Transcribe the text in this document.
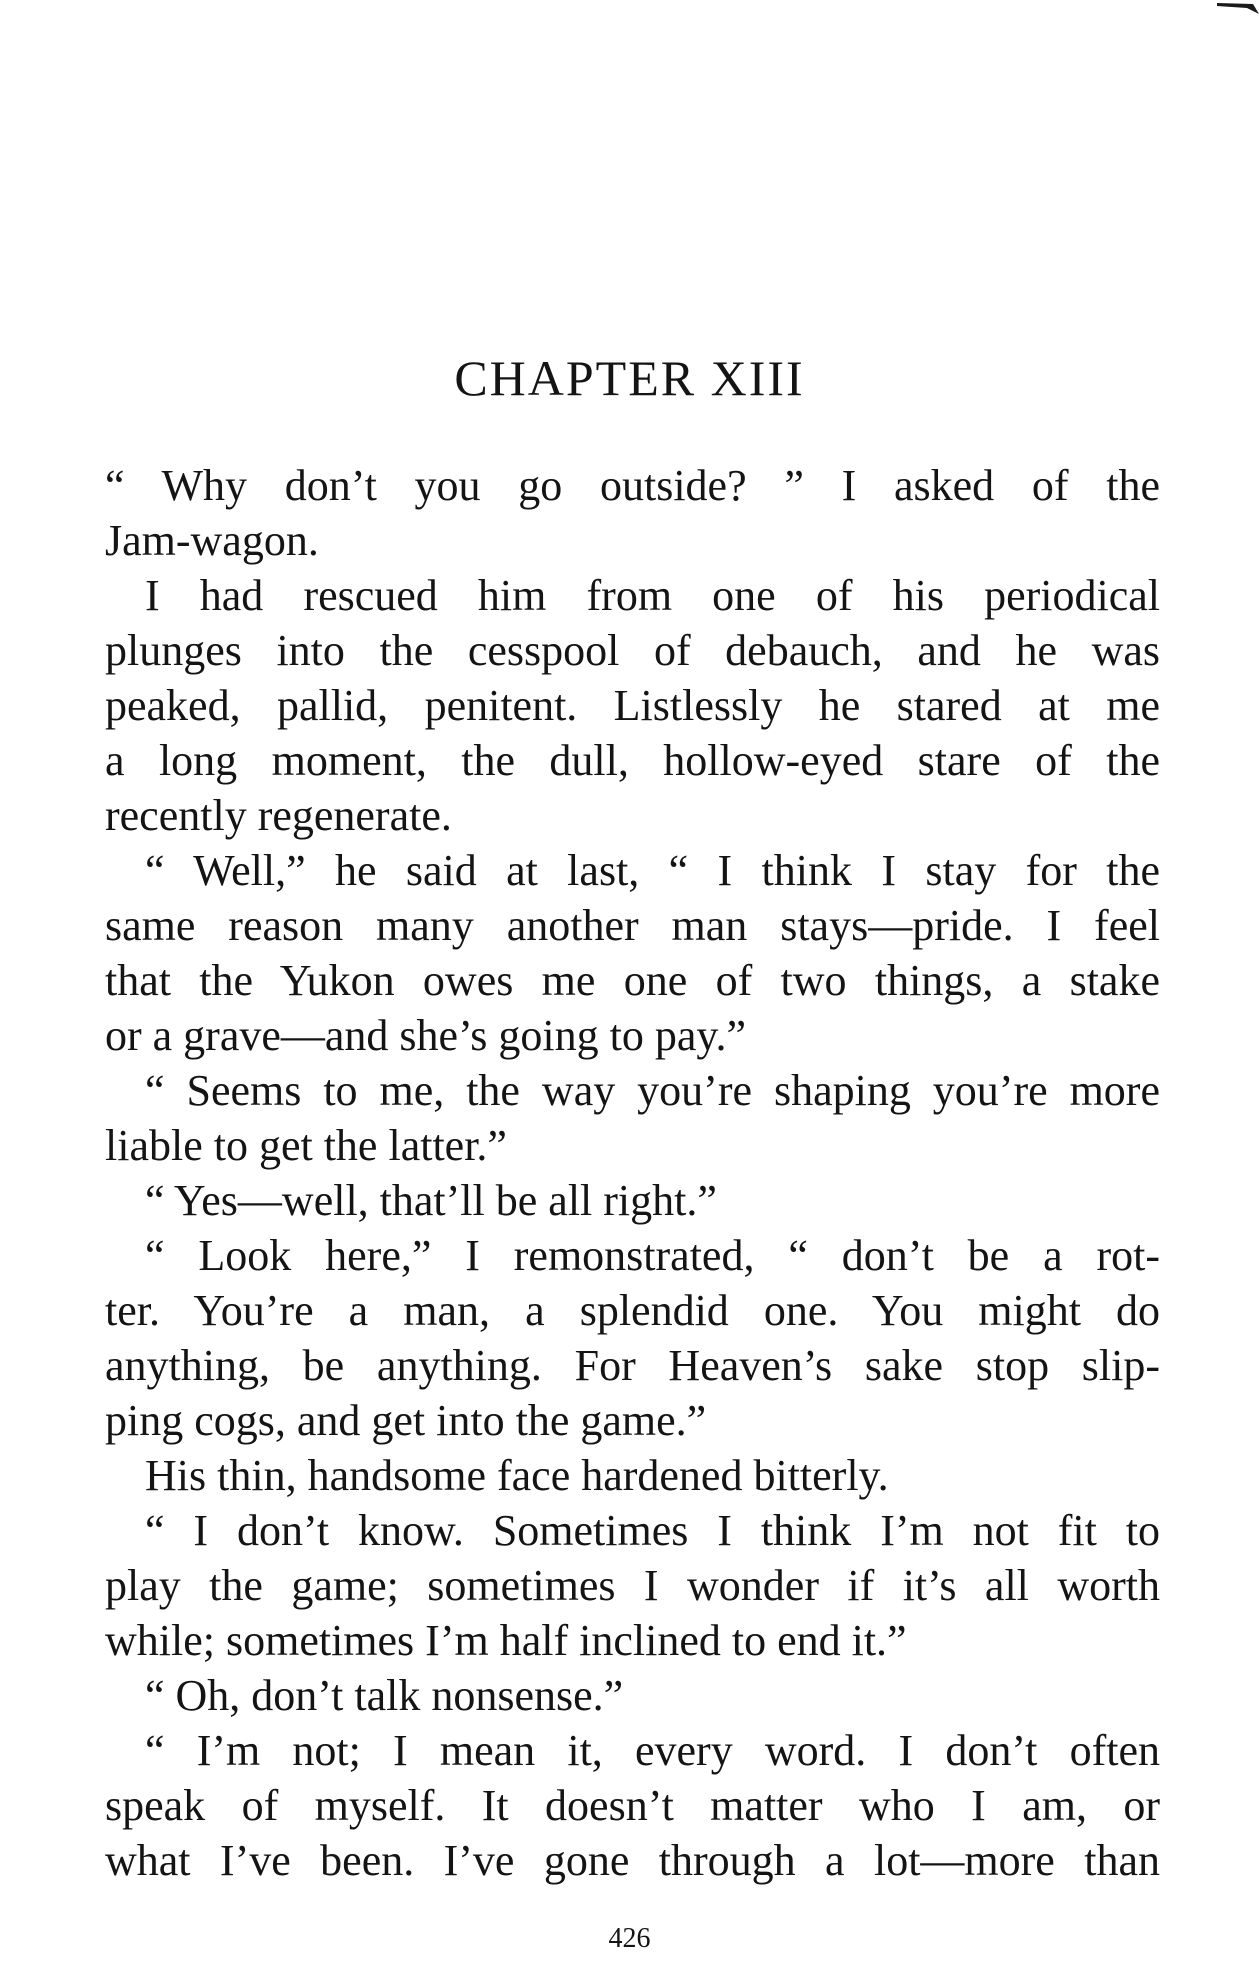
CHAPTER XIII
“ Why don’t you go outside? ” I asked of the
Jam-wagon.
I had rescued him from one of his periodical
plunges into the cesspool of debauch, and he was
peaked, pallid, penitent. Listlessly he stared at me
a long moment, the dull, hollow-eyed stare of the
recently regenerate.
“ Well,” he said at last, “ I think I stay for the
same reason many another man stays—pride. I feel
that the Yukon owes me one of two things, a stake
or a grave—and she’s going to pay.”
“ Seems to me, the way you’re shaping you’re more
liable to get the latter.”
“ Yes—well, that’ll be all right.”
“ Look here,” I remonstrated, “ don’t be a rot-
ter. You’re a man, a splendid one. You might do
anything, be anything. For Heaven’s sake stop slip-
ping cogs, and get into the game.”
His thin, handsome face hardened bitterly.
“ I don’t know. Sometimes I think I’m not fit to
play the game; sometimes I wonder if it’s all worth
while; sometimes I’m half inclined to end it.”
“ Oh, don’t talk nonsense.”
“ I’m not; I mean it, every word. I don’t often
speak of myself. It doesn’t matter who I am, or
what I’ve been. I’ve gone through a lot—more than
426
